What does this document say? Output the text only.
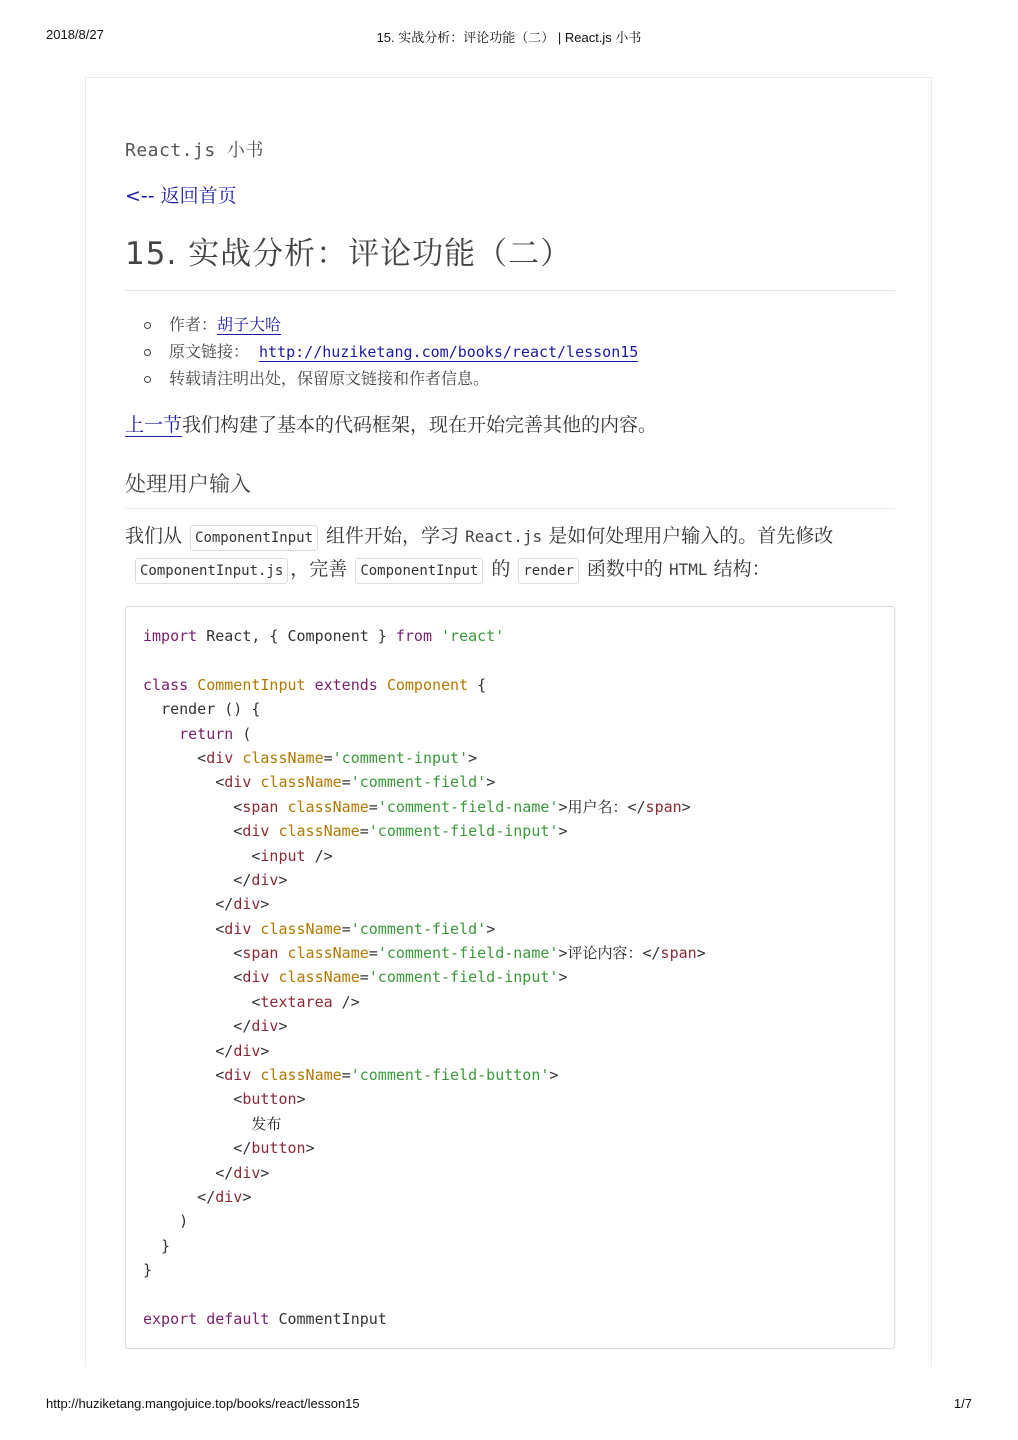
2018/8/27	15. 实战分析：评论功能（二） | React.js 小书
React.js 小书
<-- 返回首页
15. 实战分析：评论功能（二）
作者：胡子大哈
原文链接： http://huziketang.com/books/react/lesson15
转载请注明出处，保留原文链接和作者信息。

上一节我们构建了基本的代码框架，现在开始完善其他的内容。

处理用户输入

我们从 ComponentInput 组件开始，学习 React.js 是如何处理用户输入的。首先修改ComponentInput.js ，完善 ComponentInput 的 render 函数中的 HTML 结构：

import React, { Component } from 'react'
class CommentInput extends Component {
render () {
return (
<div className='comment-input'>
<div className='comment-field'>
<span className='comment-field-name'>用户名：</span>
<div className='comment-field-input'>
<input />
</div>
</div>
<div className='comment-field'>
<span className='comment-field-name'>评论内容：</span>
<div className='comment-field-input'>
<textarea />
</div>
</div>
<div className='comment-field-button'>
<button>
发布
</button>
</div>
</div>
)
}
}
export default CommentInput
http://huziketang.mangojuice.top/books/react/lesson15	1/7
